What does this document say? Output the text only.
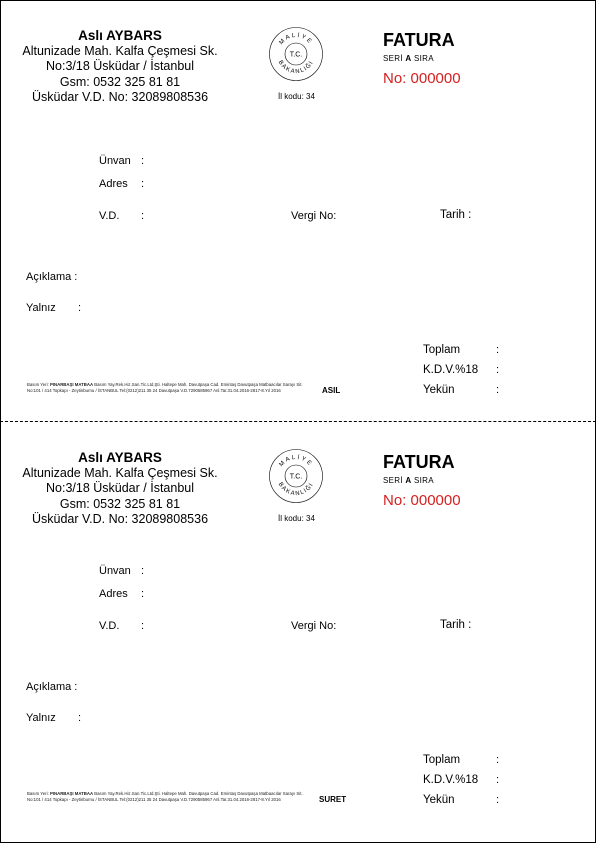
Aslı AYBARS
Altunizade Mah. Kalfa Çeşmesi Sk.
No:3/18 Üsküdar / İstanbul
Gsm: 0532 325 81 81
Üsküdar V.D. No: 32089808536
MALİYE
BAKANLIĞI
T.C.
İl kodu: 34
FATURA
SERİ A SIRA
No: 000000
Ünvan :
Adres :
V.D. :	Vergi No:	Tarih :
Açıklama :
Yalnız :
Toplam	:
K.D.V.%18 :
Yekün	:
Basım Yeri: PINARBAŞI MATBAA Basım Yay.Rek.Hiz.San.Tic.Ltd.Şti. Haltepe Mah. Davutpaşa Cad. Emintaş Davutpaşa Matbaacılar Sarayı Sit.
No:101 / 414 Topkapı - Zeytinburnu / İSTANBUL Tel:(0212)211 35 24 Davutpaşa V.D.7290585967 Anl.Tar.31.04.2016-2817-8.Yıl 2016	ASIL
Aslı AYBARS
Altunizade Mah. Kalfa Çeşmesi Sk.
No:3/18 Üsküdar / İstanbul
Gsm: 0532 325 81 81
Üsküdar V.D. No: 32089808536
MALİYE
BAKANLIĞI
T.C.
İl kodu: 34
FATURA
SERİ A SIRA
No: 000000
Ünvan :
Adres :
V.D. :	Vergi No:	Tarih :
Açıklama :
Yalnız :
Toplam	:
K.D.V.%18 :
Yekün	:
Basım Yeri: PINARBAŞI MATBAA Basım Yay.Rek.Hiz.San.Tic.Ltd.Şti. Haltepe Mah. Davutpaşa Cad. Emintaş Davutpaşa Matbaacılar Sarayı Sit.
No:101 / 414 Topkapı - Zeytinburnu / İSTANBUL Tel:(0212)211 35 24 Davutpaşa V.D.7290585967 Anl.Tar.31.04.2016-2817-8.Yıl 2016	SURET
